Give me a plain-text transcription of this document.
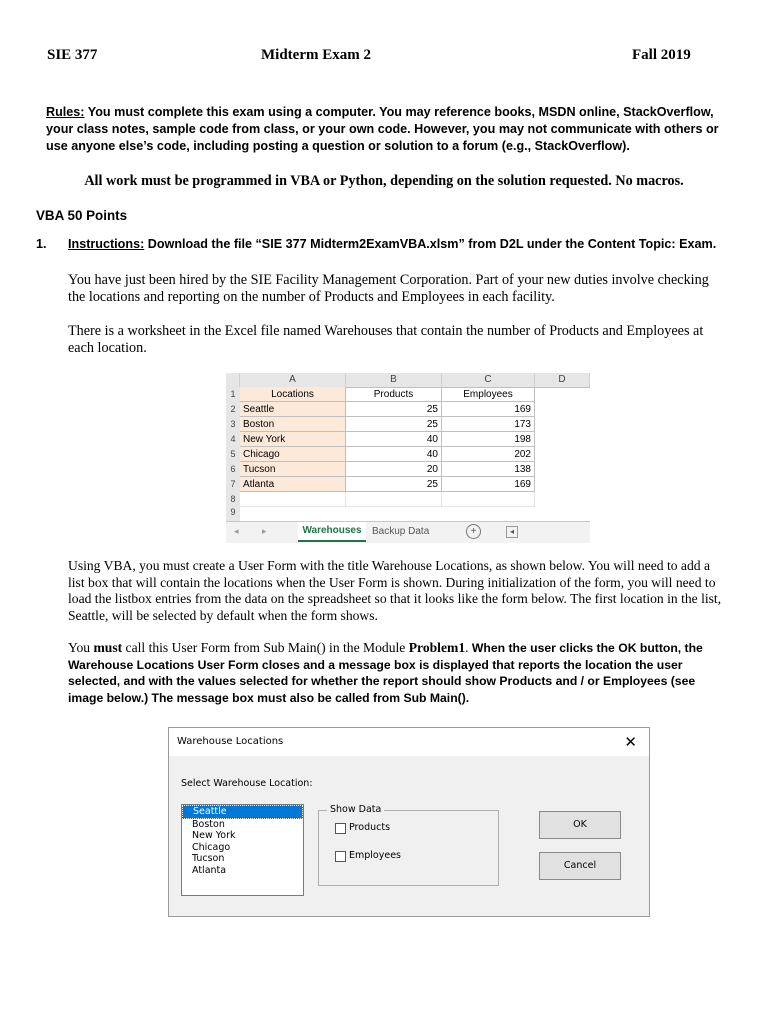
SIE 377	Midterm Exam 2	Fall 2019
Rules: You must complete this exam using a computer. You may reference books, MSDN online, StackOverflow, your class notes, sample code from class, or your own code. However, you may not communicate with others or use anyone else’s code, including posting a question or solution to a forum (e.g., StackOverflow).
All work must be programmed in VBA or Python, depending on the solution requested. No macros.
VBA 50 Points
1. Instructions: Download the file “SIE 377 Midterm2ExamVBA.xlsm” from D2L under the Content Topic: Exam.
You have just been hired by the SIE Facility Management Corporation. Part of your new duties involve checking the locations and reporting on the number of Products and Employees in each facility.
There is a worksheet in the Excel file named Warehouses that contain the number of Products and Employees at each location.
A	B	C	D
1
2
3
4
5
6
7
8
9
Locations	Products	Employees
Seattle	25	169
Boston	25	173
New York	40	198
Chicago	40	202
Tucson	20	138
Atlanta	25	169
◂	▸	Warehouses	Backup Data	+	◂
Using VBA, you must create a User Form with the title Warehouse Locations, as shown below. You will need to add a list box that will contain the locations when the User Form is shown. During initialization of the form, you will need to load the listbox entries from the data on the spreadsheet so that it looks like the form below. The first location in the list, Seattle, will be selected by default when the form shows.
You must call this User Form from Sub Main() in the Module Problem1. When the user clicks the OK button, the Warehouse Locations User Form closes and a message box is displayed that reports the location the user selected, and with the values selected for whether the report should show Products and / or Employees (see image below.) The message box must also be called from Sub Main().
Warehouse Locations	✕
Select Warehouse Location:
Seattle
Boston
New York
Chicago
Tucson
Atlanta
Show Data
Products
Employees
OK
Cancel
